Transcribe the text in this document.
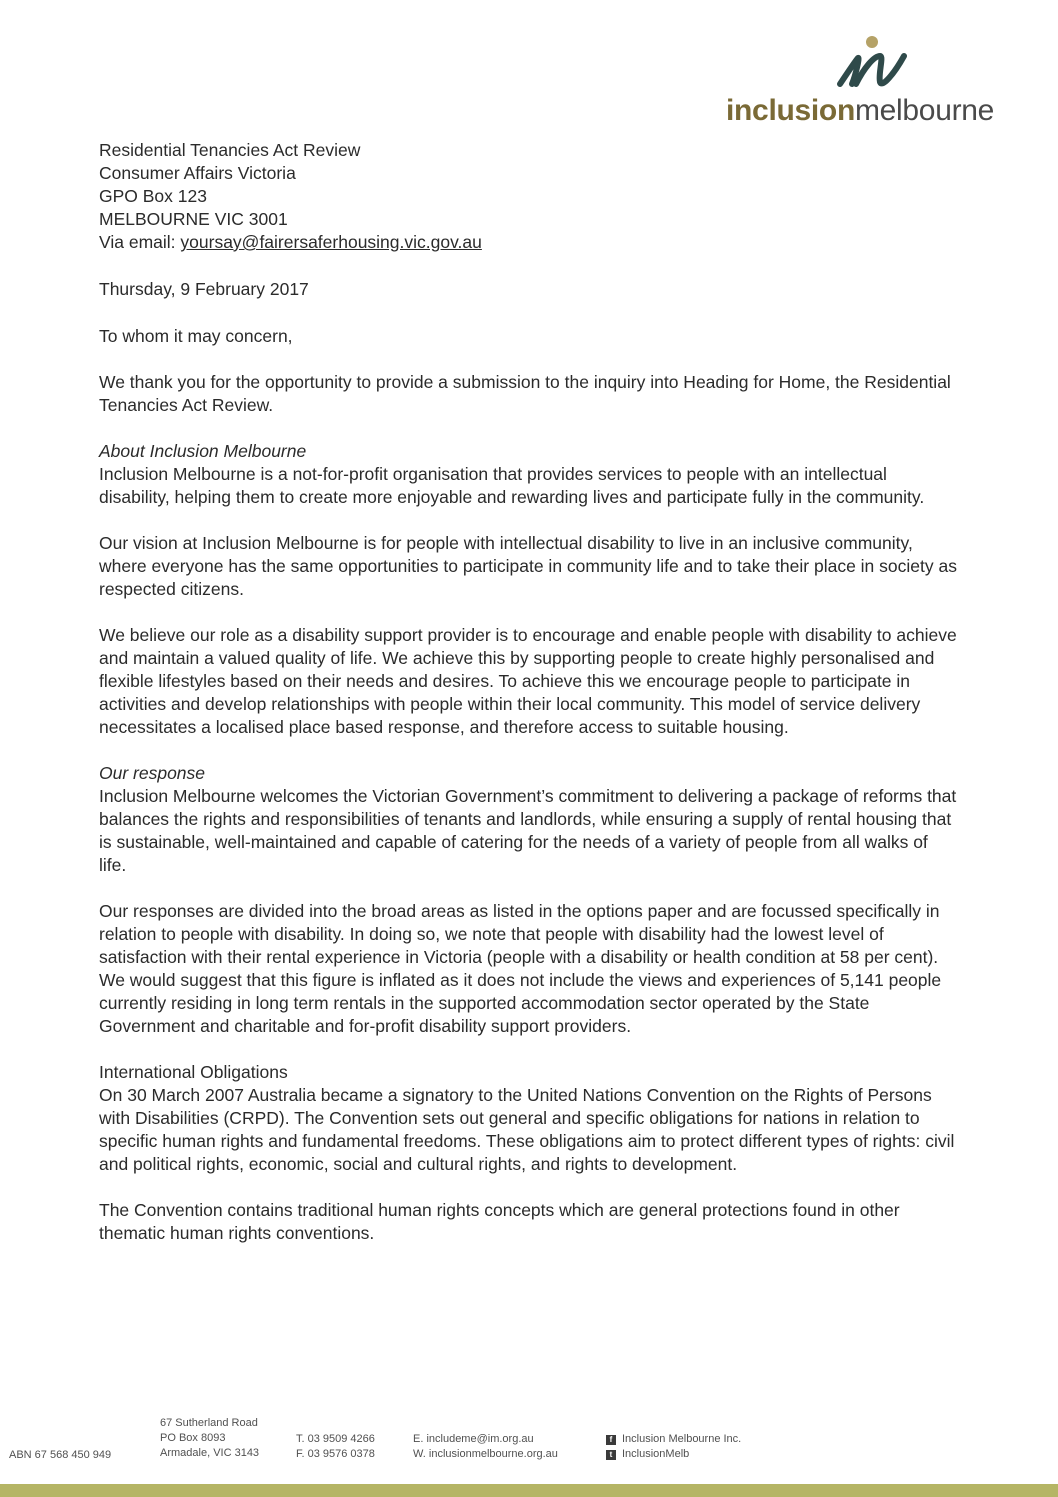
inclusionmelbourne
Residential Tenancies Act Review
Consumer Affairs Victoria
GPO Box 123
MELBOURNE VIC 3001
Via email: yoursay@fairersaferhousing.vic.gov.au
Thursday, 9 February 2017

To whom it may concern,

We thank you for the opportunity to provide a submission to the inquiry into Heading for Home, the Residential Tenancies Act Review.

About Inclusion Melbourne

Inclusion Melbourne is a not-for-profit organisation that provides services to people with an intellectual disability, helping them to create more enjoyable and rewarding lives and participate fully in the community.

Our vision at Inclusion Melbourne is for people with intellectual disability to live in an inclusive community, where everyone has the same opportunities to participate in community life and to take their place in society as respected citizens.

We believe our role as a disability support provider is to encourage and enable people with disability to achieve and maintain a valued quality of life. We achieve this by supporting people to create highly personalised and flexible lifestyles based on their needs and desires. To achieve this we encourage people to participate in activities and develop relationships with people within their local community. This model of service delivery necessitates a localised place based response, and therefore access to suitable housing.

Our response

Inclusion Melbourne welcomes the Victorian Government’s commitment to delivering a package of reforms that balances the rights and responsibilities of tenants and landlords, while ensuring a supply of rental housing that is sustainable, well-maintained and capable of catering for the needs of a variety of people from all walks of life.

Our responses are divided into the broad areas as listed in the options paper and are focussed specifically in relation to people with disability. In doing so, we note that people with disability had the lowest level of satisfaction with their rental experience in Victoria (people with a disability or health condition at 58 per cent). We would suggest that this figure is inflated as it does not include the views and experiences of 5,141 people currently residing in long term rentals in the supported accommodation sector operated by the State Government and charitable and for-profit disability support providers.

International Obligations

On 30 March 2007 Australia became a signatory to the United Nations Convention on the Rights of Persons with Disabilities (CRPD). The Convention sets out general and specific obligations for nations in relation to specific human rights and fundamental freedoms. These obligations aim to protect different types of rights: civil and political rights, economic, social and cultural rights, and rights to development.

The Convention contains traditional human rights concepts which are general protections found in other thematic human rights conventions.

ABN 67 568 450 949
67 Sutherland Road
PO Box 8093
Armadale, VIC 3143
T. 03 9509 4266
F. 03 9576 0378
E. includeme@im.org.au
W. inclusionmelbourne.org.au
f Inclusion Melbourne Inc.
t InclusionMelb
